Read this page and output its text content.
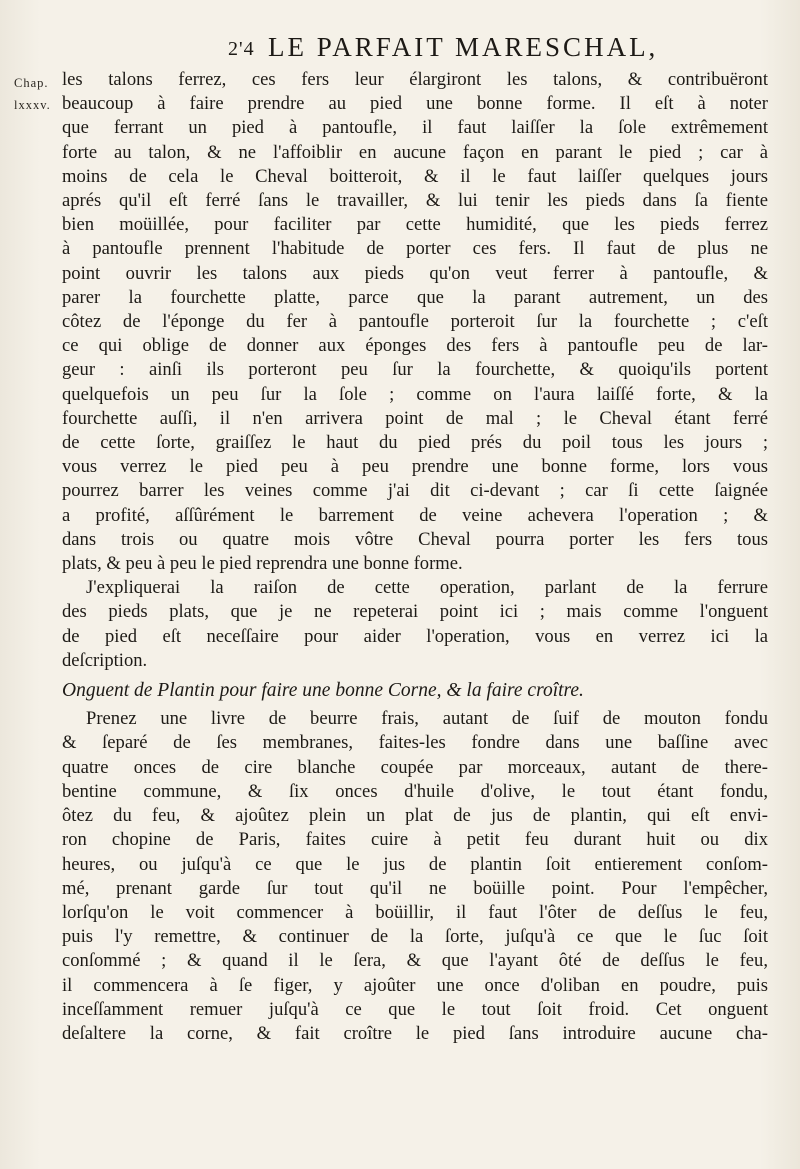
2'4 LE PARFAIT MARESCHAL,
Chap.
lxxxv.
les talons ferrez, ces fers leur élargiront les talons, & contribuëront
beaucoup à faire prendre au pied une bonne forme. Il eſt à noter
que ferrant un pied à pantoufle, il faut laiſſer la ſole extrêmement
forte au talon, & ne l'affoiblir en aucune façon en parant le pied ; car à
moins de cela le Cheval boitteroit, & il le faut laiſſer quelques jours
aprés qu'il eſt ferré ſans le travailler, & lui tenir les pieds dans ſa fiente
bien moüillée, pour faciliter par cette humidité, que les pieds ferrez
à pantoufle prennent l'habitude de porter ces fers. Il faut de plus ne
point ouvrir les talons aux pieds qu'on veut ferrer à pantoufle, &
parer la fourchette platte, parce que la parant autrement, un des
côtez de l'éponge du fer à pantoufle porteroit ſur la fourchette ; c'eſt
ce qui oblige de donner aux éponges des fers à pantoufle peu de lar-
geur : ainſi ils porteront peu ſur la fourchette, & quoiqu'ils portent
quelquefois un peu ſur la ſole ; comme on l'aura laiſſé forte, & la
fourchette auſſi, il n'en arrivera point de mal ; le Cheval étant ferré
de cette ſorte, graiſſez le haut du pied prés du poil tous les jours ;
vous verrez le pied peu à peu prendre une bonne forme, lors vous
pourrez barrer les veines comme j'ai dit ci-devant ; car ſi cette ſaignée
a profité, aſſûrément le barrement de veine achevera l'operation ; &
dans trois ou quatre mois vôtre Cheval pourra porter les fers tous
plats, & peu à peu le pied reprendra une bonne forme.
J'expliquerai la raiſon de cette operation, parlant de la ferrure
des pieds plats, que je ne repeterai point ici ; mais comme l'onguent
de pied eſt neceſſaire pour aider l'operation, vous en verrez ici la
deſcription.
Onguent de Plantin pour faire une bonne Corne, & la faire croître.
Prenez une livre de beurre frais, autant de ſuif de mouton fondu
& ſeparé de ſes membranes, faites-les fondre dans une baſſine avec
quatre onces de cire blanche coupée par morceaux, autant de there-
bentine commune, & ſix onces d'huile d'olive, le tout étant fondu,
ôtez du feu, & ajoûtez plein un plat de jus de plantin, qui eſt envi-
ron chopine de Paris, faites cuire à petit feu durant huit ou dix
heures, ou juſqu'à ce que le jus de plantin ſoit entierement conſom-
mé, prenant garde ſur tout qu'il ne boüille point. Pour l'empêcher,
lorſqu'on le voit commencer à boüillir, il faut l'ôter de deſſus le feu,
puis l'y remettre, & continuer de la ſorte, juſqu'à ce que le ſuc ſoit
conſommé ; & quand il le ſera, & que l'ayant ôté de deſſus le feu,
il commencera à ſe figer, y ajoûter une once d'oliban en poudre, puis
inceſſamment remuer juſqu'à ce que le tout ſoit froid. Cet onguent
deſaltere la corne, & fait croître le pied ſans introduire aucune cha-
